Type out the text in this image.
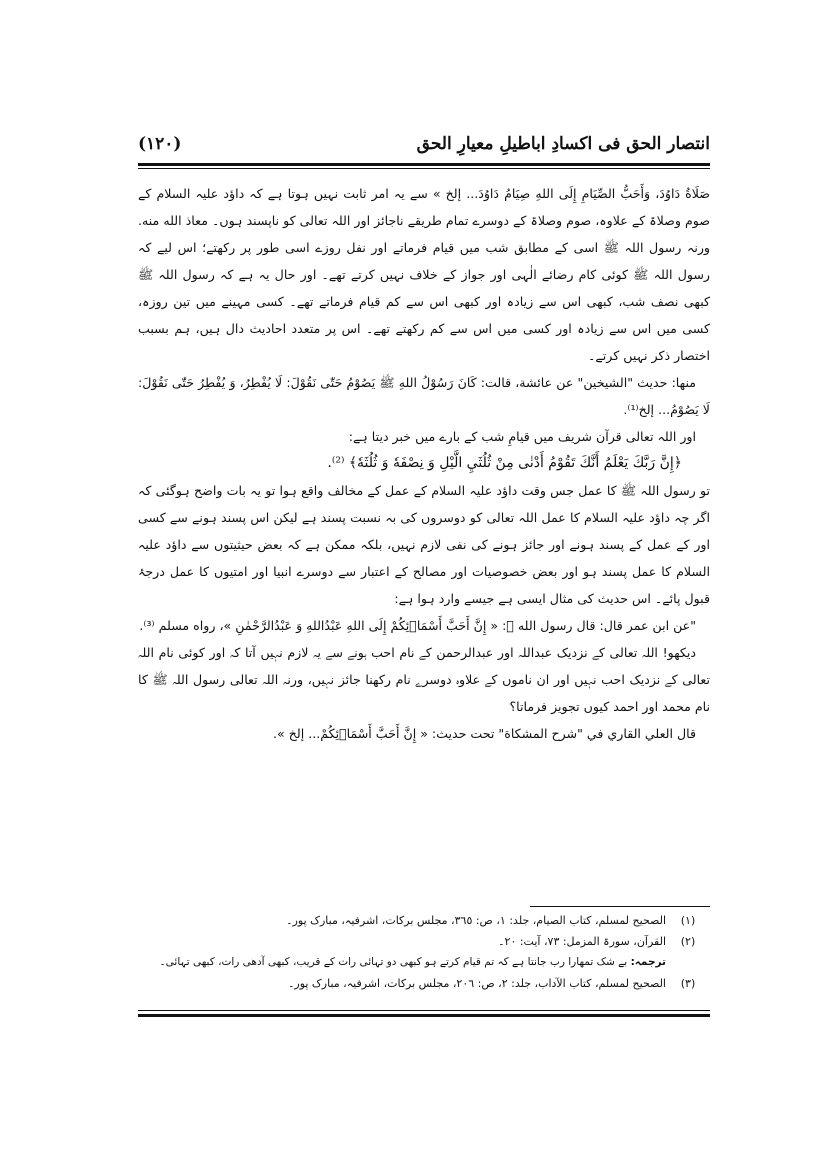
انتصار الحق فی اکسادِ اباطیلِ معیارِ الحق
(۱۲۰)

صَلَاةُ دَاوُدَ، وَأَحَبُّ الصِّيَامِ إِلَى اللهِ صِيَامُ دَاوُدَ... إلخ » سے یہ امر ثابت نہیں ہوتا ہے کہ داؤد علیہ السلام کے صوم وصلاۃ کے علاوہ، صوم وصلاۃ کے دوسرے تمام طریقے ناجائز اور اللہ تعالی کو ناپسند ہوں۔ معاذ الله منه. ورنہ رسول اللہ ﷺ اسی کے مطابق شب میں قیام فرماتے اور نفل روزے اسی طور پر رکھتے؛ اس لیے کہ رسول اللہ ﷺ کوئی کام رضائے الٰہی اور جواز کے خلاف نہیں کرتے تھے۔ اور حال یہ ہے کہ رسول اللہ ﷺ کبھی نصف شب، کبھی اس سے زیادہ اور کبھی اس سے کم قیام فرماتے تھے۔ کسی مہینے میں تین روزہ، کسی میں اس سے زیادہ اور کسی میں اس سے کم رکھتے تھے۔ اس پر متعدد احادیث دال ہیں، ہم بسبب اختصار ذکر نہیں کرتے۔

منها: حديث "الشيخين" عن عائشة، قالت: كَانَ رَسُوْلُ اللهِ ﷺ يَصُوْمُ حَتّٰى نَقُوْلَ: لَا يُفْطِرُ، وَ يُفْطِرُ حَتّٰى نَقُوْلَ: لَا يَصُوْمُ... إلخ⁽¹⁾.

اور اللہ تعالی قرآن شریف میں قیامِ شب کے بارے میں خبر دیتا ہے:

﴿إِنَّ رَبَّكَ يَعْلَمُ أَنَّكَ تَقُوْمُ أَدْنٰى مِنْ ثُلُثَيِ الَّيْلِ وَ نِصْفَهٗ وَ ثُلُثَهٗ﴾ ⁽²⁾.

تو رسول اللہ ﷺ کا عمل جس وقت داؤد علیہ السلام کے عمل کے مخالف واقع ہوا تو یہ بات واضح ہوگئی کہ اگر چہ داؤد علیہ السلام کا عمل اللہ تعالی کو دوسروں کی بہ نسبت پسند ہے لیکن اس پسند ہونے سے کسی اور کے عمل کے پسند ہونے اور جائز ہونے کی نفی لازم نہیں، بلکہ ممکن ہے کہ بعض حیثیتوں سے داؤد علیہ السلام کا عمل پسند ہو اور بعض خصوصیات اور مصالح کے اعتبار سے دوسرے انبیا اور امتیوں کا عمل درجۂ قبول پائے۔ اس حدیث کی مثال ایسی ہے جیسے وارد ہوا ہے:

"عن ابن عمر قال: قال رسول الله ﷺ: « إِنَّ أَحَبَّ أَسْمَاۗئِكُمْ إِلَى اللهِ عَبْدُاللهِ وَ عَبْدُالرَّحْمٰنِ »، رواه مسلم ⁽³⁾.

دیکھو! اللہ تعالی کے نزدیک عبداللہ اور عبدالرحمن کے نام احب ہونے سے یہ لازم نہیں آتا کہ اور کوئی نام اللہ تعالی کے نزدیک احب نہیں اور ان ناموں کے علاوہ دوسرے نام رکھنا جائز نہیں، ورنہ اللہ تعالی رسول اللہ ﷺ کا نام محمد اور احمد کیوں تجویز فرماتا؟

قال العلي القاري في "شرح المشكاة" تحت حديث: « إِنَّ أَحَبَّ أَسْمَاۗئِكُمْ... إلخ ».

(۱)
الصحیح لمسلم، کتاب الصیام، جلد: ۱، ص: ۳٦٥، مجلس برکات، اشرفیہ، مبارک پور۔
(۲)
القرآن، سورۃ المزمل: ۷۳، آیت: ۲۰۔
ترجمہ: بے شک تمھارا رب جانتا ہے کہ تم قیام کرتے ہو کبھی دو تہائی رات کے قریب، کبھی آدھی رات، کبھی تہائی۔
(۳)
الصحیح لمسلم، کتاب الآداب، جلد: ۲، ص: ۲۰٦، مجلس برکات، اشرفیہ، مبارک پور۔
